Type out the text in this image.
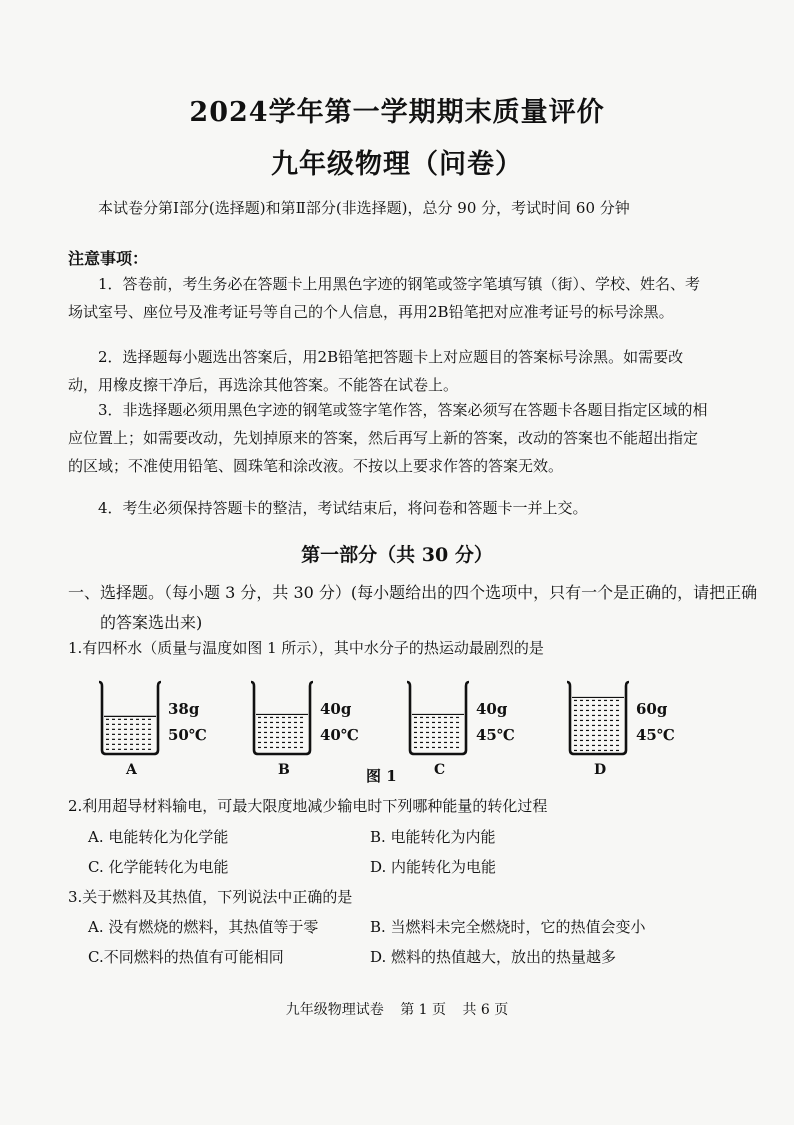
2024学年第一学期期末质量评价
九年级物理（问卷）
本试卷分第Ⅰ部分(选择题)和第Ⅱ部分(非选择题)，总分 90 分，考试时间 60 分钟
注意事项：
1．答卷前，考生务必在答题卡上用黑色字迹的钢笔或签字笔填写镇（街）、学校、姓名、考场试室号、座位号及准考证号等自己的个人信息，再用2B铅笔把对应准考证号的标号涂黑。
2．选择题每小题选出答案后，用2B铅笔把答题卡上对应题目的答案标号涂黑。如需要改动，用橡皮擦干净后，再选涂其他答案。不能答在试卷上。
3．非选择题必须用黑色字迹的钢笔或签字笔作答，答案必须写在答题卡各题目指定区域的相应位置上；如需要改动，先划掉原来的答案，然后再写上新的答案，改动的答案也不能超出指定的区域；不准使用铅笔、圆珠笔和涂改液。不按以上要求作答的答案无效。
4．考生必须保持答题卡的整洁，考试结束后，将问卷和答题卡一并上交。
第一部分（共 30 分）
一、选择题。（每小题 3 分，共 30 分）(每小题给出的四个选项中，只有一个是正确的，请把正确的答案选出来)
1.有四杯水（质量与温度如图 1 所示），其中水分子的热运动最剧烈的是
38g
50℃
A
40g
40℃
B
40g
45℃
C
60g
45℃
D
图 1
2.利用超导材料输电，可最大限度地减少输电时下列哪种能量的转化过程
A. 电能转化为化学能	B. 电能转化为内能
C. 化学能转化为电能	D. 内能转化为电能
3.关于燃料及其热值，下列说法中正确的是
A. 没有燃烧的燃料，其热值等于零	B. 当燃料未完全燃烧时，它的热值会变小
C.不同燃料的热值有可能相同	D. 燃料的热值越大，放出的热量越多
九年级物理试卷 第 1 页 共 6 页
